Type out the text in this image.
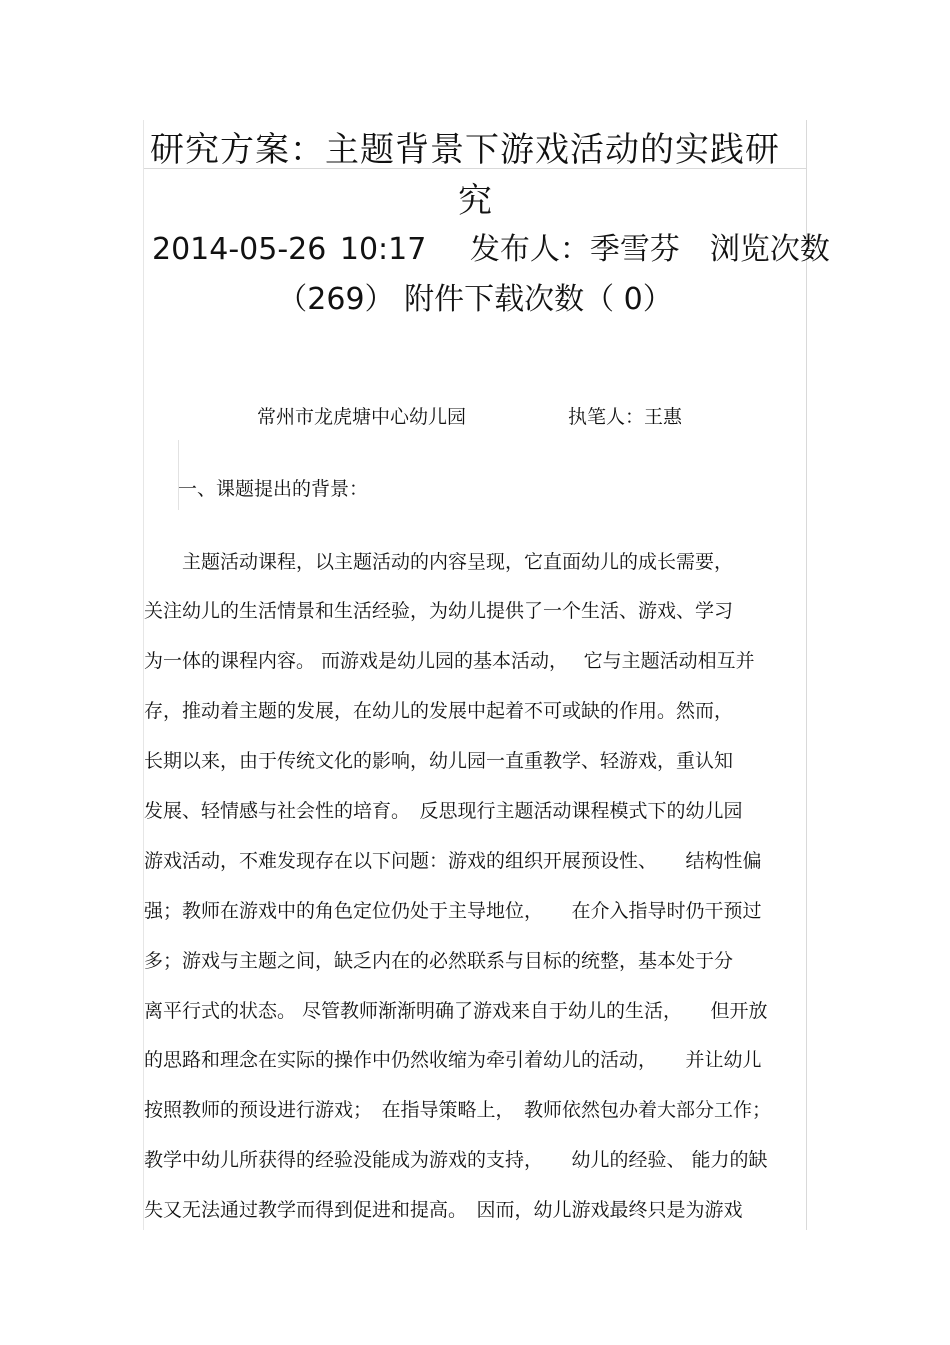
研究方案：主题背景下游戏活动的实践研
究
2014-05-26 10:17　 发布人：季雪芬　浏览次数
（269） 附件下载次数（ 0）
常州市龙虎塘中心幼儿园	执笔人：王惠
一、课题提出的背景：
　　主题活动课程，以主题活动的内容呈现，它直面幼儿的成长需要，
关注幼儿的生活情景和生活经验，为幼儿提供了一个生活、游戏、学习
为一体的课程内容。 而游戏是幼儿园的基本活动，　 它与主题活动相互并
存，推动着主题的发展，在幼儿的发展中起着不可或缺的作用。然而，
长期以来，由于传统文化的影响，幼儿园一直重教学、轻游戏，重认知
发展、轻情感与社会性的培育。　反思现行主题活动课程模式下的幼儿园
游戏活动，不难发现存在以下问题：游戏的组织开展预设性、　　结构性偏
强；教师在游戏中的角色定位仍处于主导地位，　　在介入指导时仍干预过
多；游戏与主题之间，缺乏内在的必然联系与目标的统整，基本处于分
离平行式的状态。 尽管教师渐渐明确了游戏来自于幼儿的生活，　　但开放
的思路和理念在实际的操作中仍然收缩为牵引着幼儿的活动，　　并让幼儿
按照教师的预设进行游戏；　在指导策略上，　教师依然包办着大部分工作；
教学中幼儿所获得的经验没能成为游戏的支持，　　幼儿的经验、 能力的缺
失又无法通过教学而得到促进和提高。　因而，幼儿游戏最终只是为游戏
